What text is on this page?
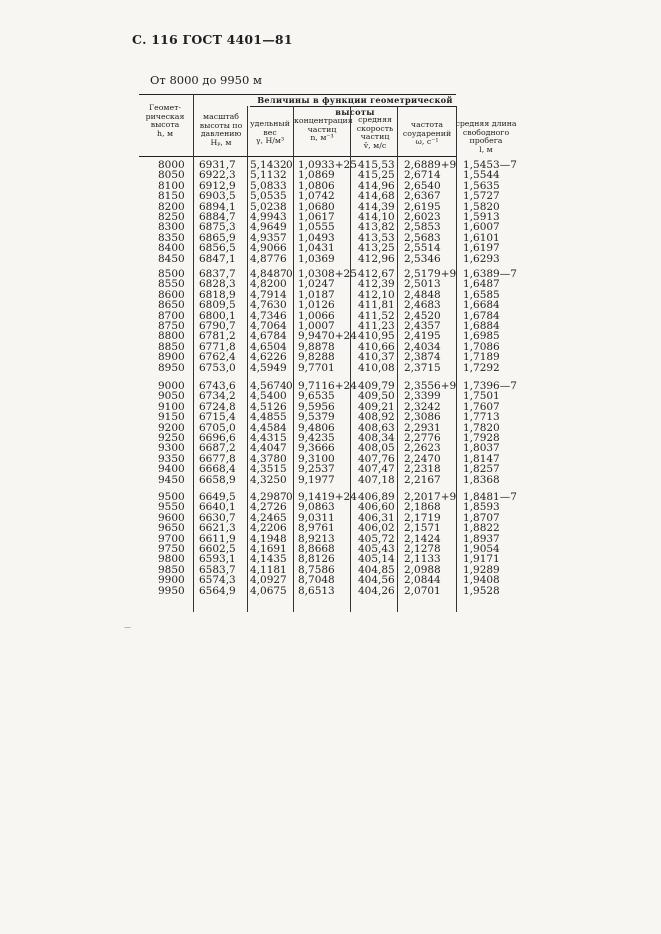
С. 116 ГОСТ 4401—81
От 8000 до 9950 м
Величины в функции геометрической высоты
Геомет-
рическая
высота
h, м
масштаб
высоты по
давлению
Hₚ, м
удельный
вес
γ, Н/м³
концентрация
частиц
n, м⁻³
средняя
скорость
частиц
v̄, м/с
частота
соударений
ω, с⁻¹
средняя длина
свободного
пробега
l, м
—
8000 6931,7 5,1432 0 1,0933+25 415,53 2,6889+9 1,5453—7
8050 6922,3 5,1132 1,0869 415,25 2,6714 1,5544
8100 6912,9 5,0833 1,0806 414,96 2,6540 1,5635
8150 6903,5 5,0535 1,0742 414,68 2,6367 1,5727
8200 6894,1 5,0238 1,0680 414,39 2,6195 1,5820
8250 6884,7 4,9943 1,0617 414,10 2,6023 1,5913
8300 6875,3 4,9649 1,0555 413,82 2,5853 1,6007
8350 6865,9 4,9357 1,0493 413,53 2,5683 1,6101
8400 6856,5 4,9066 1,0431 413,25 2,5514 1,6197
8450 6847,1 4,8776 1,0369 412,96 2,5346 1,6293
8500 6837,7 4,8487 0 1,0308+25 412,67 2,5179+9 1,6389—7
8550 6828,3 4,8200 1,0247 412,39 2,5013 1,6487
8600 6818,9 4,7914 1,0187 412,10 2,4848 1,6585
8650 6809,5 4,7630 1,0126 411,81 2,4683 1,6684
8700 6800,1 4,7346 1,0066 411,52 2,4520 1,6784
8750 6790,7 4,7064 1,0007 411,23 2,4357 1,6884
8800 6781,2 4,6784 9,9470+24 410,95 2,4195 1,6985
8850 6771,8 4,6504 9,8878 410,66 2,4034 1,7086
8900 6762,4 4,6226 9,8288 410,37 2,3874 1,7189
8950 6753,0 4,5949 9,7701 410,08 2,3715 1,7292
9000 6743,6 4,5674 0 9,7116+24 409,79 2,3556+9 1,7396—7
9050 6734,2 4,5400 9,6535 409,50 2,3399 1,7501
9100 6724,8 4,5126 9,5956 409,21 2,3242 1,7607
9150 6715,4 4,4855 9,5379 408,92 2,3086 1,7713
9200 6705,0 4,4584 9,4806 408,63 2,2931 1,7820
9250 6696,6 4,4315 9,4235 408,34 2,2776 1,7928
9300 6687,2 4,4047 9,3666 408,05 2,2623 1,8037
9350 6677,8 4,3780 9,3100 407,76 2,2470 1,8147
9400 6668,4 4,3515 9,2537 407,47 2,2318 1,8257
9450 6658,9 4,3250 9,1977 407,18 2,2167 1,8368
9500 6649,5 4,2987 0 9,1419+24 406,89 2,2017+9 1,8481—7
9550 6640,1 4,2726 9,0863 406,60 2,1868 1,8593
9600 6630,7 4,2465 9,0311 406,31 2,1719 1,8707
9650 6621,3 4,2206 8,9761 406,02 2,1571 1,8822
9700 6611,9 4,1948 8,9213 405,72 2,1424 1,8937
9750 6602,5 4,1691 8,8668 405,43 2,1278 1,9054
9800 6593,1 4,1435 8,8126 405,14 2,1133 1,9171
9850 6583,7 4,1181 8,7586 404,85 2,0988 1,9289
9900 6574,3 4,0927 8,7048 404,56 2,0844 1,9408
9950 6564,9 4,0675 8,6513 404,26 2,0701 1,9528
